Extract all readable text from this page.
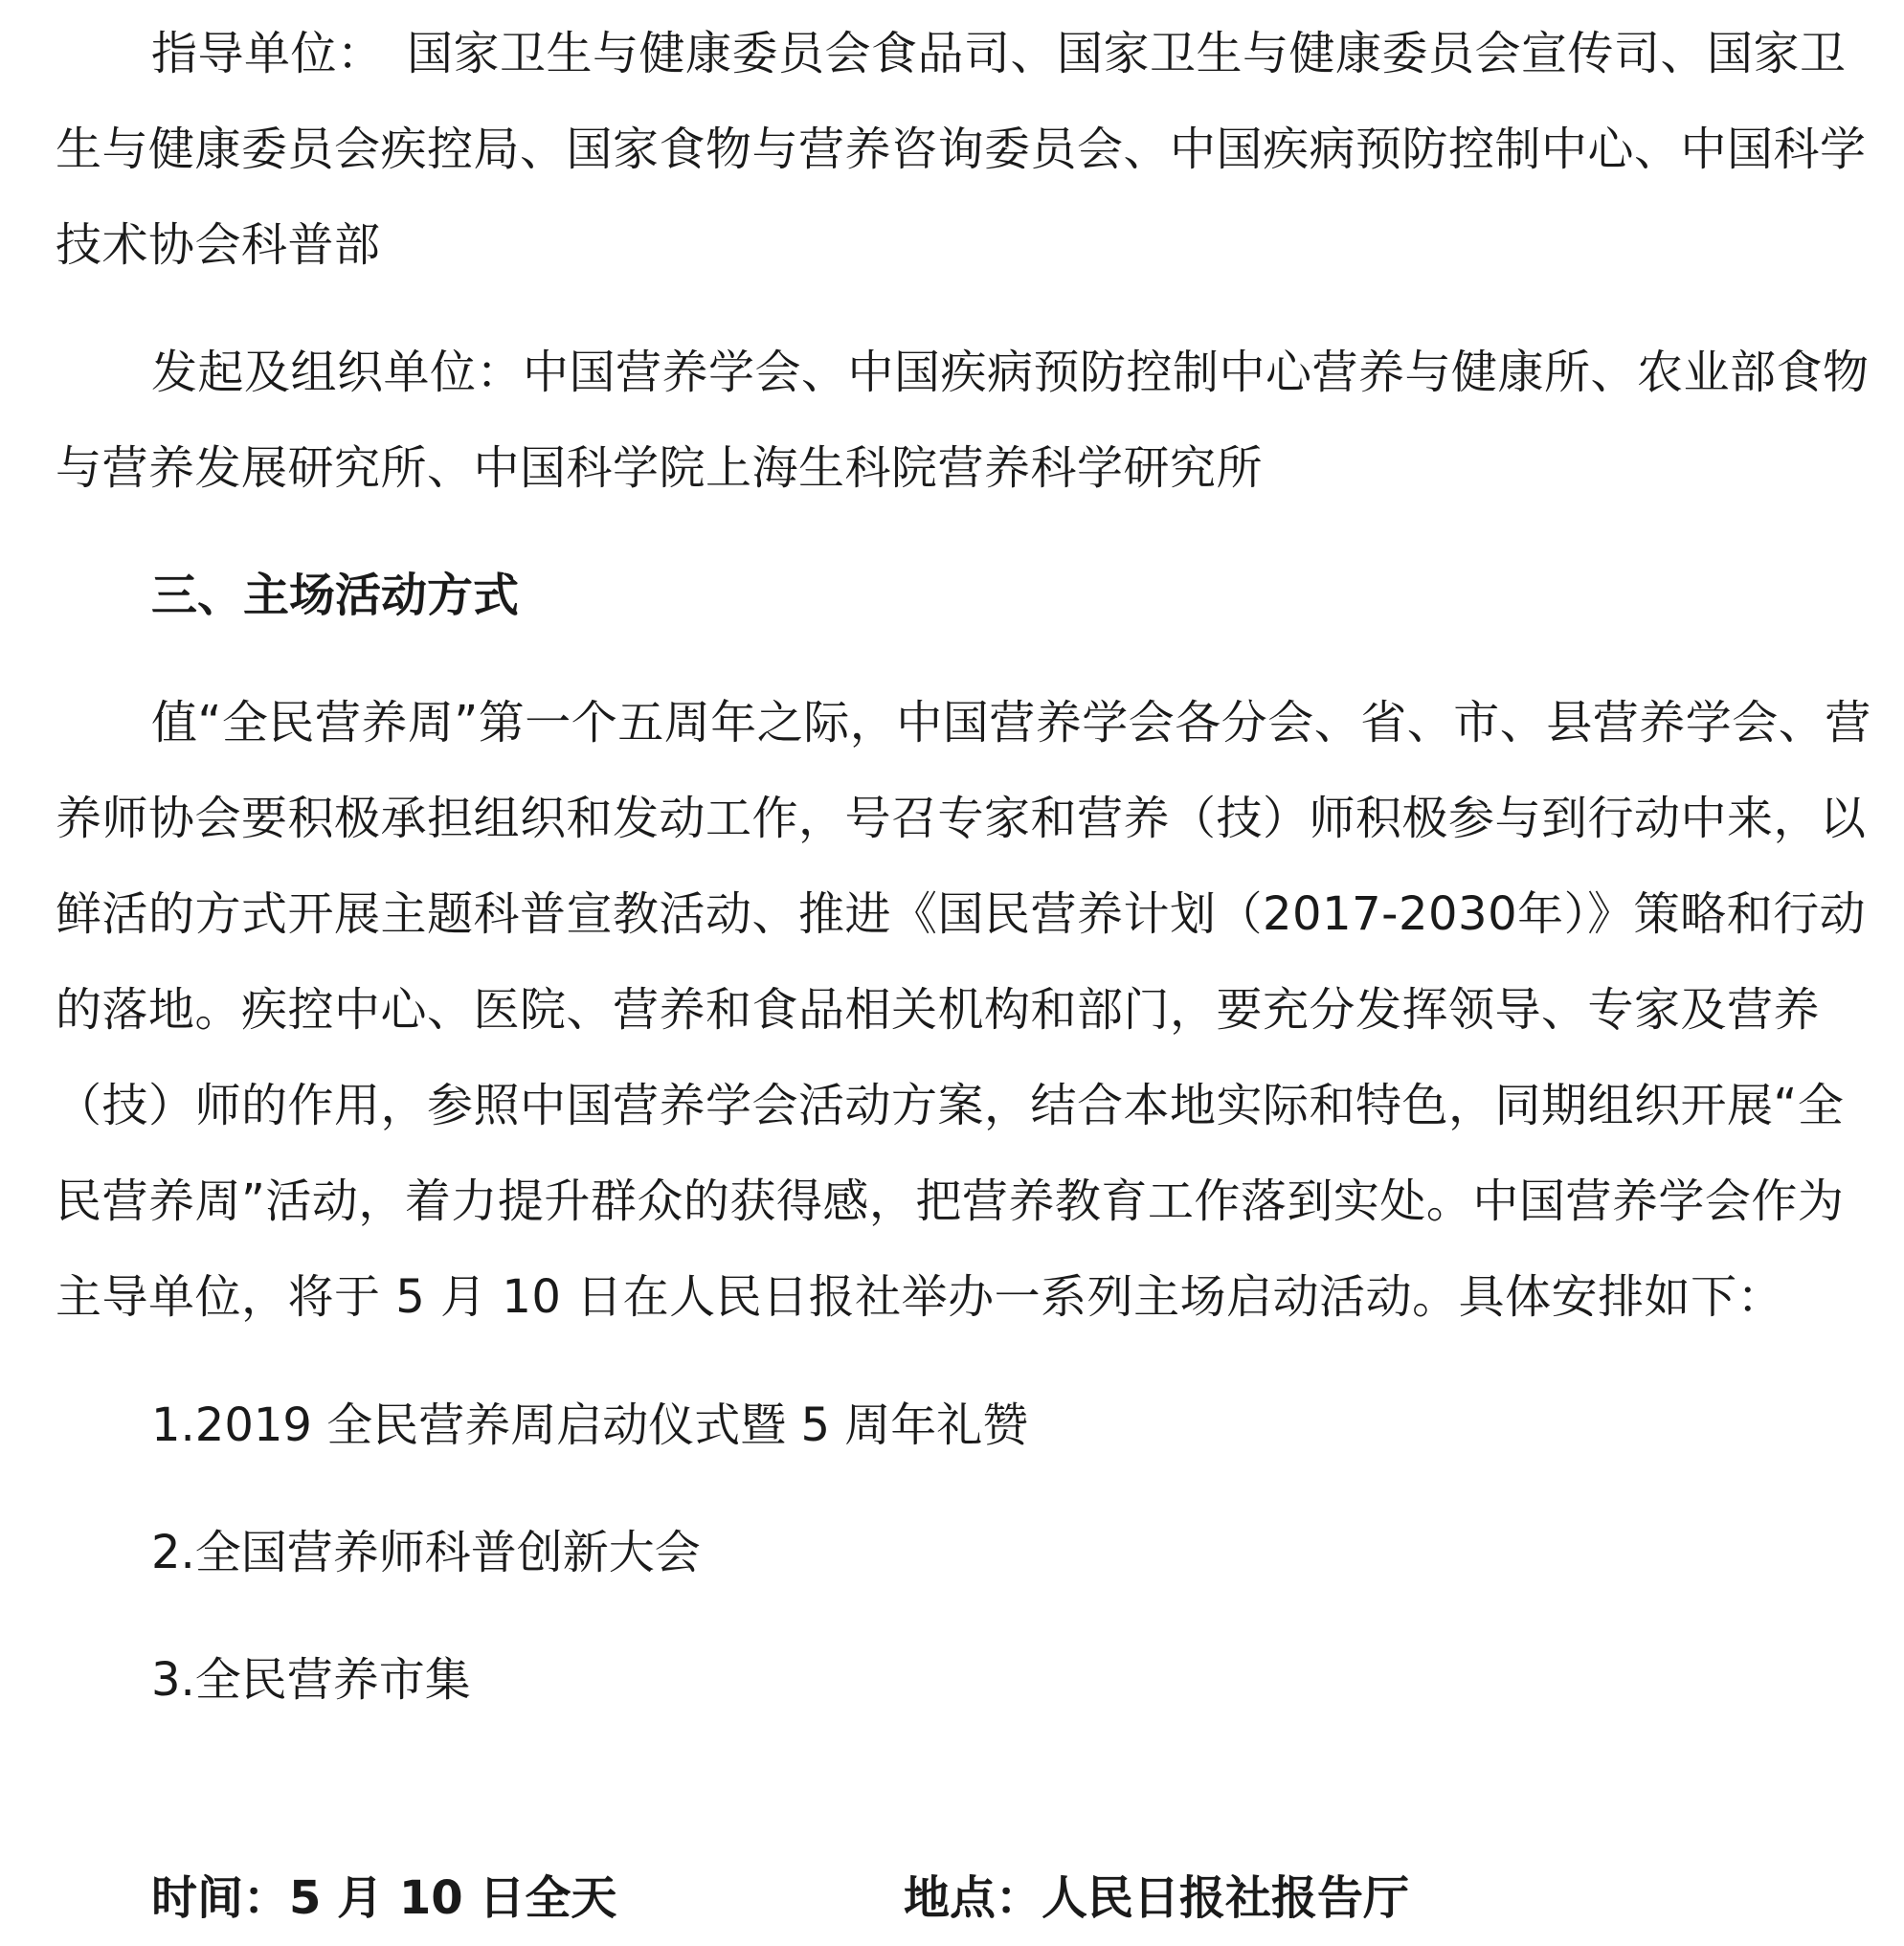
指导单位：　国家卫生与健康委员会食品司、国家卫生与健康委员会宣传司、国家卫生与健康委员会疾控局、国家食物与营养咨询委员会、中国疾病预防控制中心、中国科学技术协会科普部

发起及组织单位：中国营养学会、中国疾病预防控制中心营养与健康所、农业部食物与营养发展研究所、中国科学院上海生科院营养科学研究所

三、主场活动方式

值“全民营养周”第一个五周年之际，中国营养学会各分会、省、市、县营养学会、营养师协会要积极承担组织和发动工作，号召专家和营养（技）师积极参与到行动中来，以鲜活的方式开展主题科普宣教活动、推进《国民营养计划（2017-2030年）》策略和行动的落地。疾控中心、医院、营养和食品相关机构和部门，要充分发挥领导、专家及营养（技）师的作用，参照中国营养学会活动方案，结合本地实际和特色，同期组织开展“全民营养周”活动，着力提升群众的获得感，把营养教育工作落到实处。中国营养学会作为主导单位，将于 5 月 10 日在人民日报社举办一系列主场启动活动。具体安排如下：

1.2019 全民营养周启动仪式暨 5 周年礼赞

2.全国营养师科普创新大会

3.全民营养市集

时间：5 月 10 日全天	地点：人民日报社报告厅
